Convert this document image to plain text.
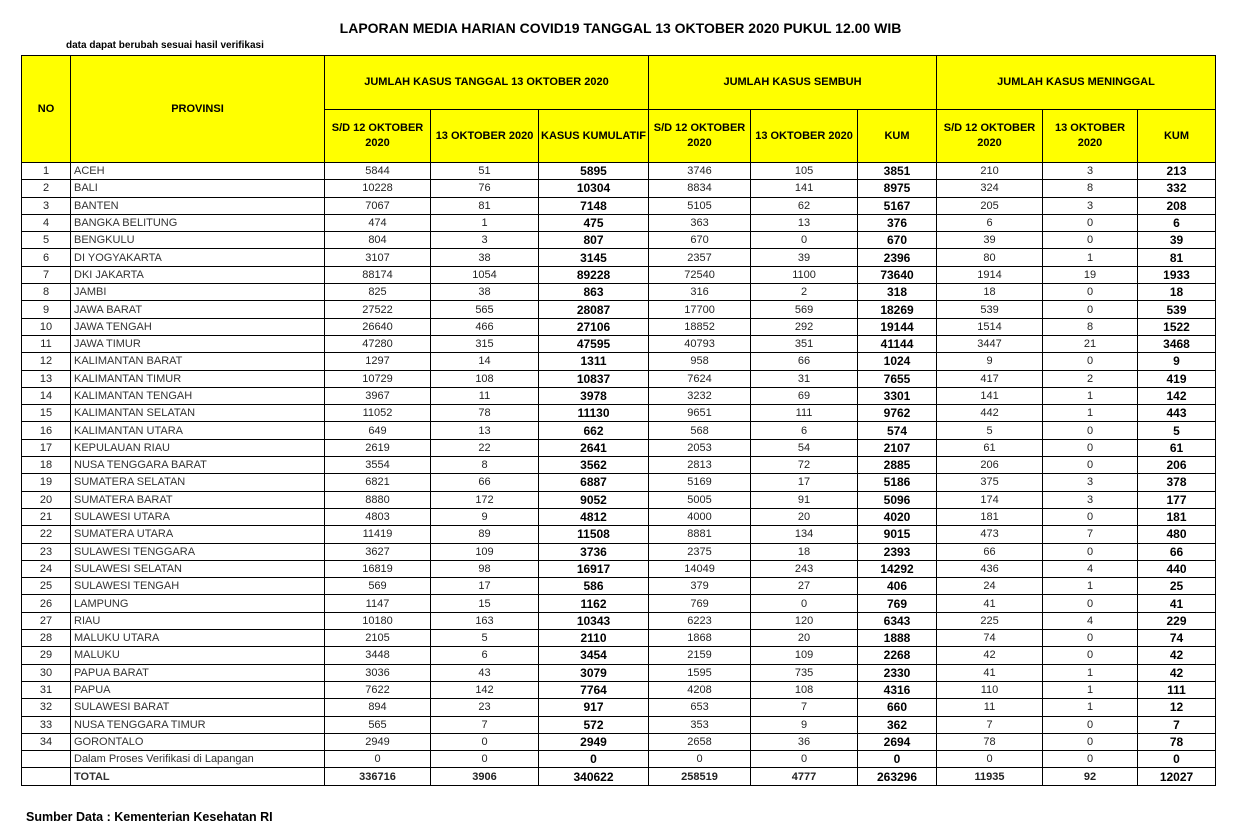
LAPORAN MEDIA HARIAN COVID19 TANGGAL 13 OKTOBER 2020 PUKUL 12.00 WIB
data dapat berubah sesuai hasil verifikasi
NO	PROVINSI	JUMLAH KASUS TANGGAL 13 OKTOBER 2020			JUMLAH KASUS SEMBUH			JUMLAH KASUS MENINGGAL		
		S/D 12 OKTOBER 2020	13 OKTOBER 2020	KASUS KUMULATIF	S/D 12 OKTOBER 2020	13 OKTOBER 2020	KUM	S/D 12 OKTOBER 2020	13 OKTOBER 2020	KUM
1	ACEH	5844	51	5895	3746	105	3851	210	3	213
2	BALI	10228	76	10304	8834	141	8975	324	8	332
3	BANTEN	7067	81	7148	5105	62	5167	205	3	208
4	BANGKA BELITUNG	474	1	475	363	13	376	6	0	6
5	BENGKULU	804	3	807	670	0	670	39	0	39
6	DI YOGYAKARTA	3107	38	3145	2357	39	2396	80	1	81
7	DKI JAKARTA	88174	1054	89228	72540	1100	73640	1914	19	1933
8	JAMBI	825	38	863	316	2	318	18	0	18
9	JAWA BARAT	27522	565	28087	17700	569	18269	539	0	539
10	JAWA TENGAH	26640	466	27106	18852	292	19144	1514	8	1522
11	JAWA TIMUR	47280	315	47595	40793	351	41144	3447	21	3468
12	KALIMANTAN BARAT	1297	14	1311	958	66	1024	9	0	9
13	KALIMANTAN TIMUR	10729	108	10837	7624	31	7655	417	2	419
14	KALIMANTAN TENGAH	3967	11	3978	3232	69	3301	141	1	142
15	KALIMANTAN SELATAN	11052	78	11130	9651	111	9762	442	1	443
16	KALIMANTAN UTARA	649	13	662	568	6	574	5	0	5
17	KEPULAUAN RIAU	2619	22	2641	2053	54	2107	61	0	61
18	NUSA TENGGARA BARAT	3554	8	3562	2813	72	2885	206	0	206
19	SUMATERA SELATAN	6821	66	6887	5169	17	5186	375	3	378
20	SUMATERA BARAT	8880	172	9052	5005	91	5096	174	3	177
21	SULAWESI UTARA	4803	9	4812	4000	20	4020	181	0	181
22	SUMATERA UTARA	11419	89	11508	8881	134	9015	473	7	480
23	SULAWESI TENGGARA	3627	109	3736	2375	18	2393	66	0	66
24	SULAWESI SELATAN	16819	98	16917	14049	243	14292	436	4	440
25	SULAWESI TENGAH	569	17	586	379	27	406	24	1	25
26	LAMPUNG	1147	15	1162	769	0	769	41	0	41
27	RIAU	10180	163	10343	6223	120	6343	225	4	229
28	MALUKU UTARA	2105	5	2110	1868	20	1888	74	0	74
29	MALUKU	3448	6	3454	2159	109	2268	42	0	42
30	PAPUA BARAT	3036	43	3079	1595	735	2330	41	1	42
31	PAPUA	7622	142	7764	4208	108	4316	110	1	111
32	SULAWESI BARAT	894	23	917	653	7	660	11	1	12
33	NUSA TENGGARA TIMUR	565	7	572	353	9	362	7	0	7
34	GORONTALO	2949	0	2949	2658	36	2694	78	0	78
	Dalam Proses Verifikasi di Lapangan	0	0	0	0	0	0	0	0	0
	TOTAL	336716	3906	340622	258519	4777	263296	11935	92	12027
Sumber Data : Kementerian Kesehatan RI
